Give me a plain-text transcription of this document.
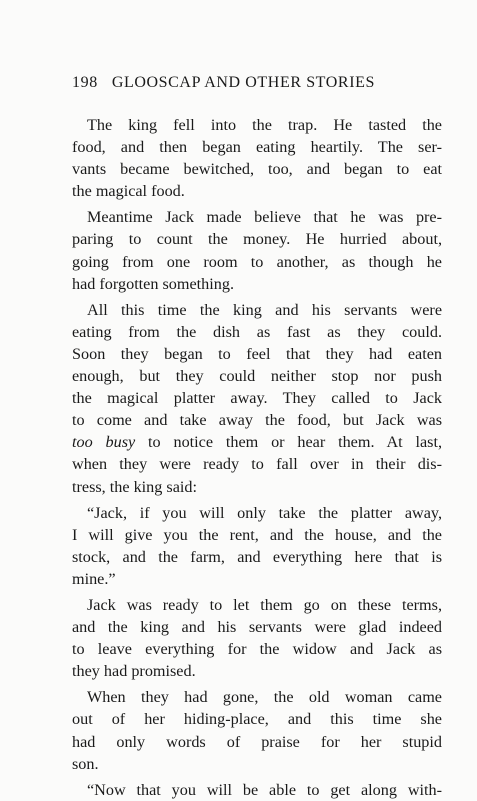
198 GLOOSCAP AND OTHER STORIES
The king fell into the trap. He tasted the
food, and then began eating heartily. The ser-
vants became bewitched, too, and began to eat
the magical food.
Meantime Jack made believe that he was pre-
paring to count the money. He hurried about,
going from one room to another, as though he
had forgotten something.
All this time the king and his servants were
eating from the dish as fast as they could.
Soon they began to feel that they had eaten
enough, but they could neither stop nor push
the magical platter away. They called to Jack
to come and take away the food, but Jack was
too busy to notice them or hear them. At last,
when they were ready to fall over in their dis-
tress, the king said:
“Jack, if you will only take the platter away,
I will give you the rent, and the house, and the
stock, and the farm, and everything here that is
mine.”
Jack was ready to let them go on these terms,
and the king and his servants were glad indeed
to leave everything for the widow and Jack as
they had promised.
When they had gone, the old woman came
out of her hiding-place, and this time she
had only words of praise for her stupid
son.
“Now that you will be able to get along with-
